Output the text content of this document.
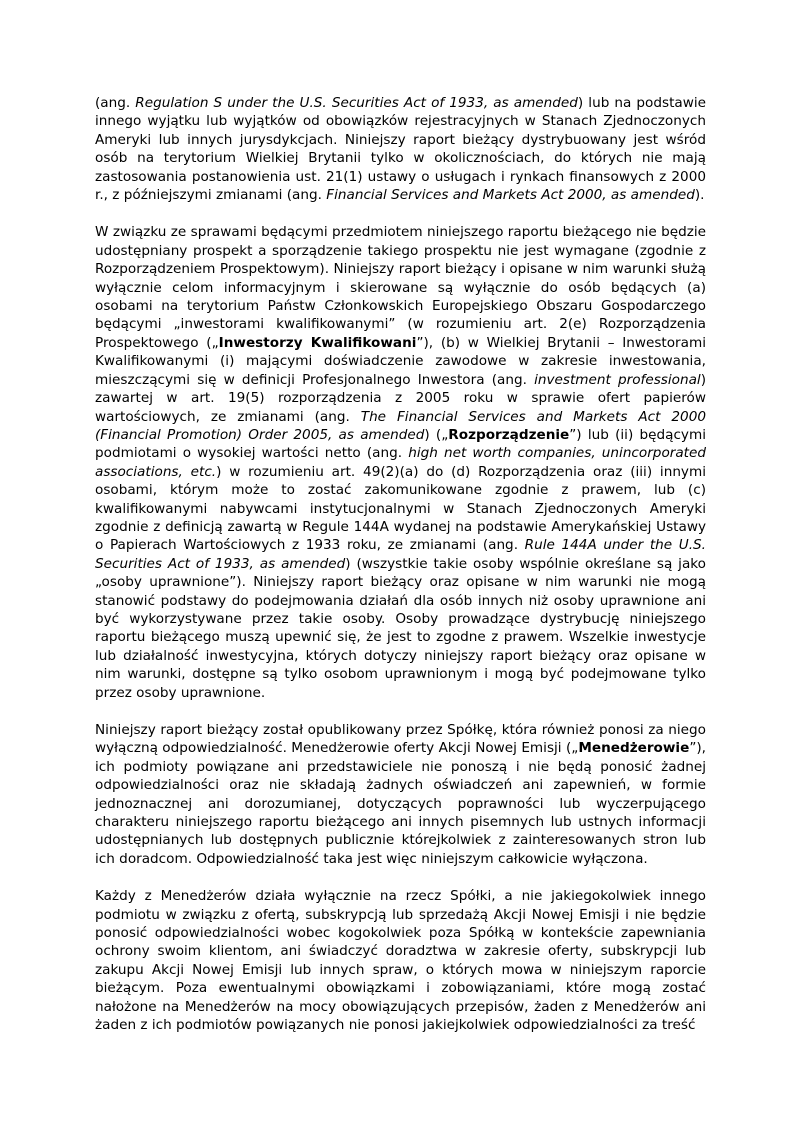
(ang. Regulation S under the U.S. Securities Act of 1933, as amended) lub na podstawie innego wyjątku lub wyjątków od obowiązków rejestracyjnych w Stanach Zjednoczonych Ameryki lub innych jurysdykcjach. Niniejszy raport bieżący dystrybuowany jest wśród osób na terytorium Wielkiej Brytanii tylko w okolicznościach, do których nie mają zastosowania postanowienia ust. 21(1) ustawy o usługach i rynkach finansowych z 2000 r., z późniejszymi zmianami (ang. Financial Services and Markets Act 2000, as amended).

W związku ze sprawami będącymi przedmiotem niniejszego raportu bieżącego nie będzie udostępniany prospekt a sporządzenie takiego prospektu nie jest wymagane (zgodnie z Rozporządzeniem Prospektowym). Niniejszy raport bieżący i opisane w nim warunki służą wyłącznie celom informacyjnym i skierowane są wyłącznie do osób będących (a) osobami na terytorium Państw Członkowskich Europejskiego Obszaru Gospodarczego będącymi „inwestorami kwalifikowanymi” (w rozumieniu art. 2(e) Rozporządzenia Prospektowego („Inwestorzy Kwalifikowani”), (b) w Wielkiej Brytanii – Inwestorami Kwalifikowanymi (i) mającymi doświadczenie zawodowe w zakresie inwestowania, mieszczącymi się w definicji Profesjonalnego Inwestora (ang. investment professional) zawartej w art. 19(5) rozporządzenia z 2005 roku w sprawie ofert papierów wartościowych, ze zmianami (ang. The Financial Services and Markets Act 2000 (Financial Promotion) Order 2005, as amended) („Rozporządzenie”) lub (ii) będącymi podmiotami o wysokiej wartości netto (ang. high net worth companies, unincorporated associations, etc.) w rozumieniu art. 49(2)(a) do (d) Rozporządzenia oraz (iii) innymi osobami, którym może to zostać zakomunikowane zgodnie z prawem, lub (c) kwalifikowanymi nabywcami instytucjonalnymi w Stanach Zjednoczonych Ameryki zgodnie z definicją zawartą w Regule 144A wydanej na podstawie Amerykańskiej Ustawy o Papierach Wartościowych z 1933 roku, ze zmianami (ang. Rule 144A under the U.S. Securities Act of 1933, as amended) (wszystkie takie osoby wspólnie określane są jako „osoby uprawnione”). Niniejszy raport bieżący oraz opisane w nim warunki nie mogą stanowić podstawy do podejmowania działań dla osób innych niż osoby uprawnione ani być wykorzystywane przez takie osoby. Osoby prowadzące dystrybucję niniejszego raportu bieżącego muszą upewnić się, że jest to zgodne z prawem. Wszelkie inwestycje lub działalność inwestycyjna, których dotyczy niniejszy raport bieżący oraz opisane w nim warunki, dostępne są tylko osobom uprawnionym i mogą być podejmowane tylko przez osoby uprawnione.

Niniejszy raport bieżący został opublikowany przez Spółkę, która również ponosi za niego wyłączną odpowiedzialność. Menedżerowie oferty Akcji Nowej Emisji („Menedżerowie”), ich podmioty powiązane ani przedstawiciele nie ponoszą i nie będą ponosić żadnej odpowiedzialności oraz nie składają żadnych oświadczeń ani zapewnień, w formie jednoznacznej ani dorozumianej, dotyczących poprawności lub wyczerpującego charakteru niniejszego raportu bieżącego ani innych pisemnych lub ustnych informacji udostępnianych lub dostępnych publicznie którejkolwiek z zainteresowanych stron lub ich doradcom. Odpowiedzialność taka jest więc niniejszym całkowicie wyłączona.

Każdy z Menedżerów działa wyłącznie na rzecz Spółki, a nie jakiegokolwiek innego podmiotu w związku z ofertą, subskrypcją lub sprzedażą Akcji Nowej Emisji i nie będzie ponosić odpowiedzialności wobec kogokolwiek poza Spółką w kontekście zapewniania ochrony swoim klientom, ani świadczyć doradztwa w zakresie oferty, subskrypcji lub zakupu Akcji Nowej Emisji lub innych spraw, o których mowa w niniejszym raporcie bieżącym. Poza ewentualnymi obowiązkami i zobowiązaniami, które mogą zostać nałożone na Menedżerów na mocy obowiązujących przepisów, żaden z Menedżerów ani żaden z ich podmiotów powiązanych nie ponosi jakiejkolwiek odpowiedzialności za treść
